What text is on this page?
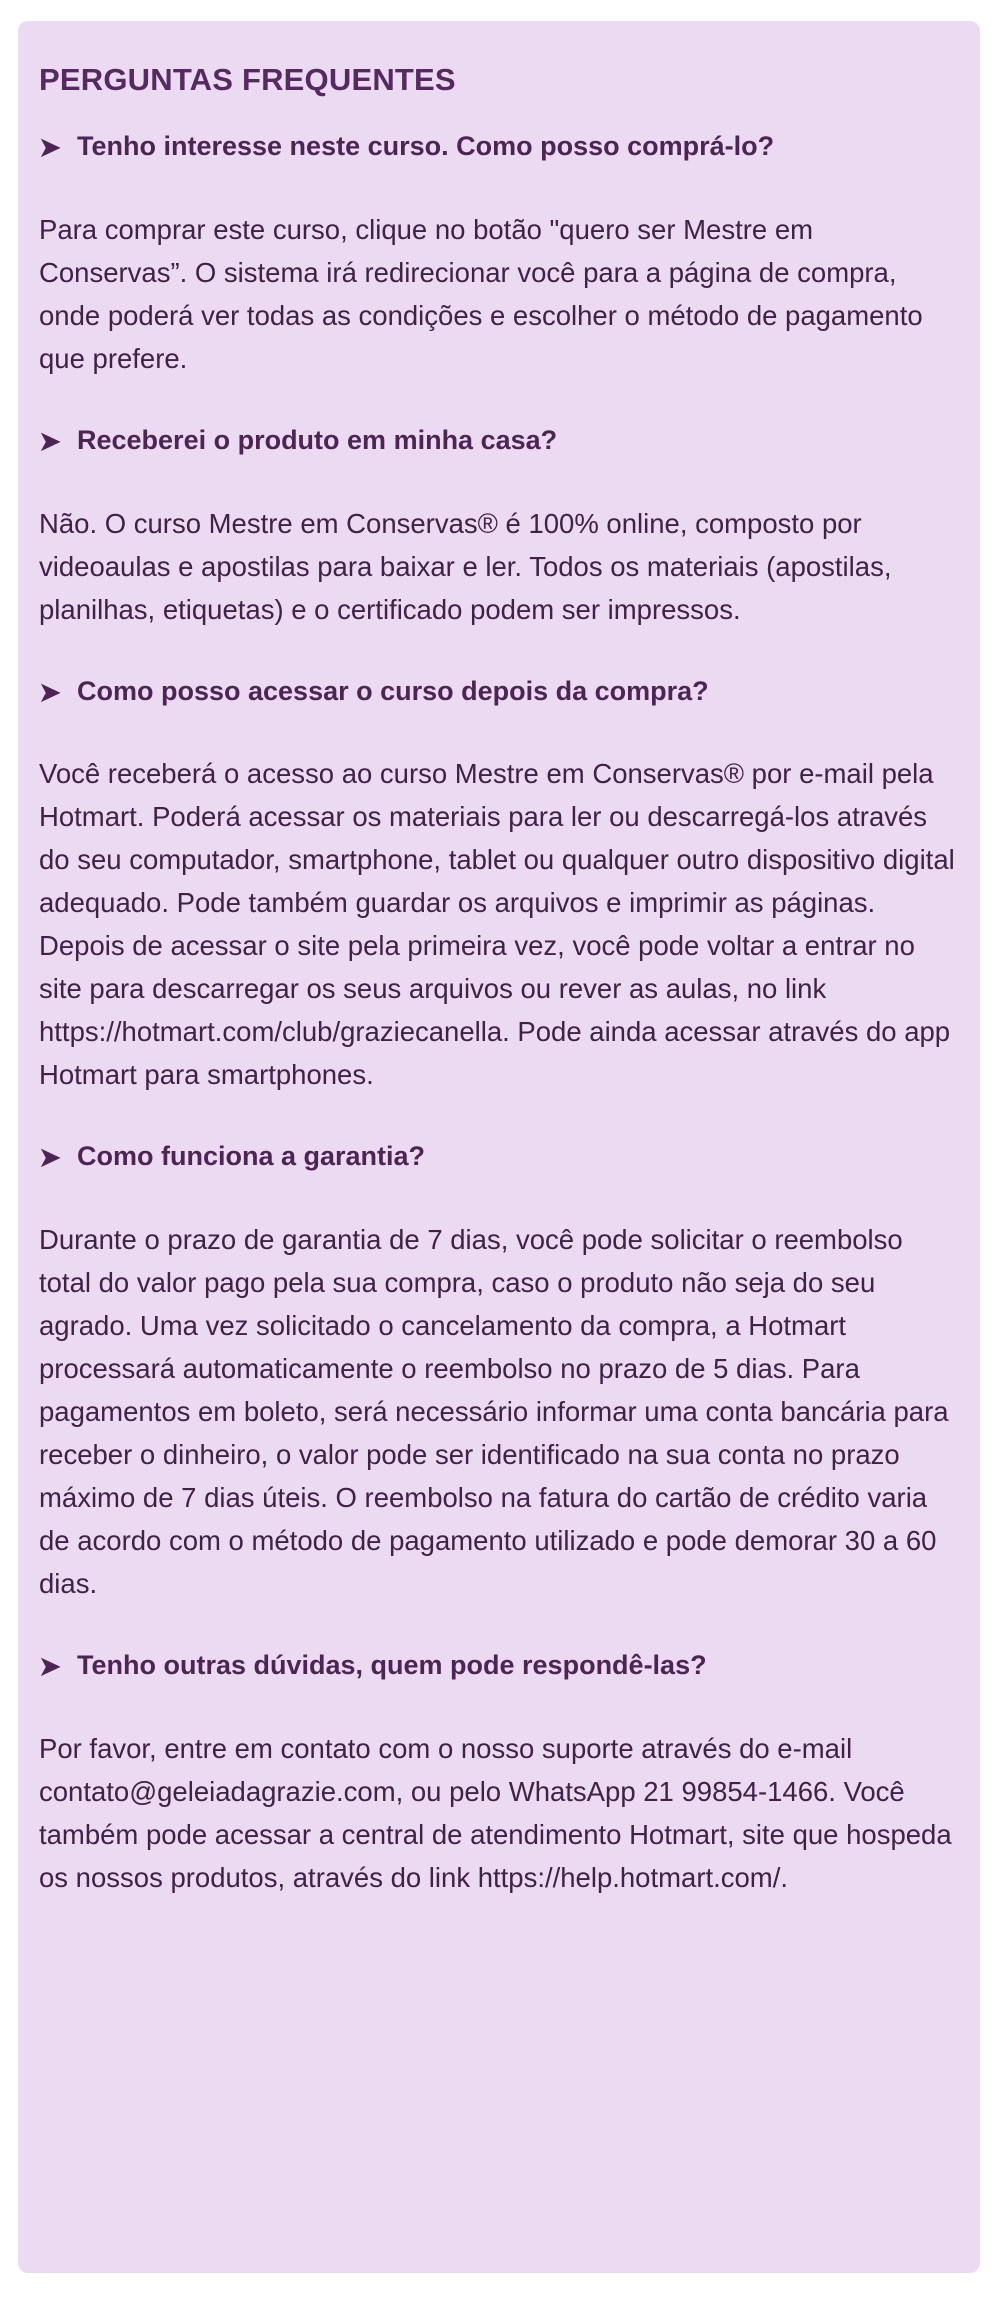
PERGUNTAS FREQUENTES

➤ Tenho interesse neste curso. Como posso comprá-lo?

Para comprar este curso, clique no botão "quero ser Mestre em Conservas”. O sistema irá redirecionar você para a página de compra, onde poderá ver todas as condições e escolher o método de pagamento que prefere.

➤ Receberei o produto em minha casa?

Não. O curso Mestre em Conservas® é 100% online, composto por videoaulas e apostilas para baixar e ler. Todos os materiais (apostilas, planilhas, etiquetas) e o certificado podem ser impressos.

➤ Como posso acessar o curso depois da compra?

Você receberá o acesso ao curso Mestre em Conservas® por e-mail pela Hotmart. Poderá acessar os materiais para ler ou descarregá-los através do seu computador, smartphone, tablet ou qualquer outro dispositivo digital adequado. Pode também guardar os arquivos e imprimir as páginas. Depois de acessar o site pela primeira vez, você pode voltar a entrar no site para descarregar os seus arquivos ou rever as aulas, no link https://hotmart.com/club/graziecanella. Pode ainda acessar através do app Hotmart para smartphones.

➤ Como funciona a garantia?

Durante o prazo de garantia de 7 dias, você pode solicitar o reembolso total do valor pago pela sua compra, caso o produto não seja do seu agrado. Uma vez solicitado o cancelamento da compra, a Hotmart processará automaticamente o reembolso no prazo de 5 dias. Para pagamentos em boleto, será necessário informar uma conta bancária para receber o dinheiro, o valor pode ser identificado na sua conta no prazo máximo de 7 dias úteis. O reembolso na fatura do cartão de crédito varia de acordo com o método de pagamento utilizado e pode demorar 30 a 60 dias.

➤ Tenho outras dúvidas, quem pode respondê-las?

Por favor, entre em contato com o nosso suporte através do e-mail contato@geleiadagrazie.com, ou pelo WhatsApp 21 99854-1466. Você também pode acessar a central de atendimento Hotmart, site que hospeda os nossos produtos, através do link https://help.hotmart.com/.
